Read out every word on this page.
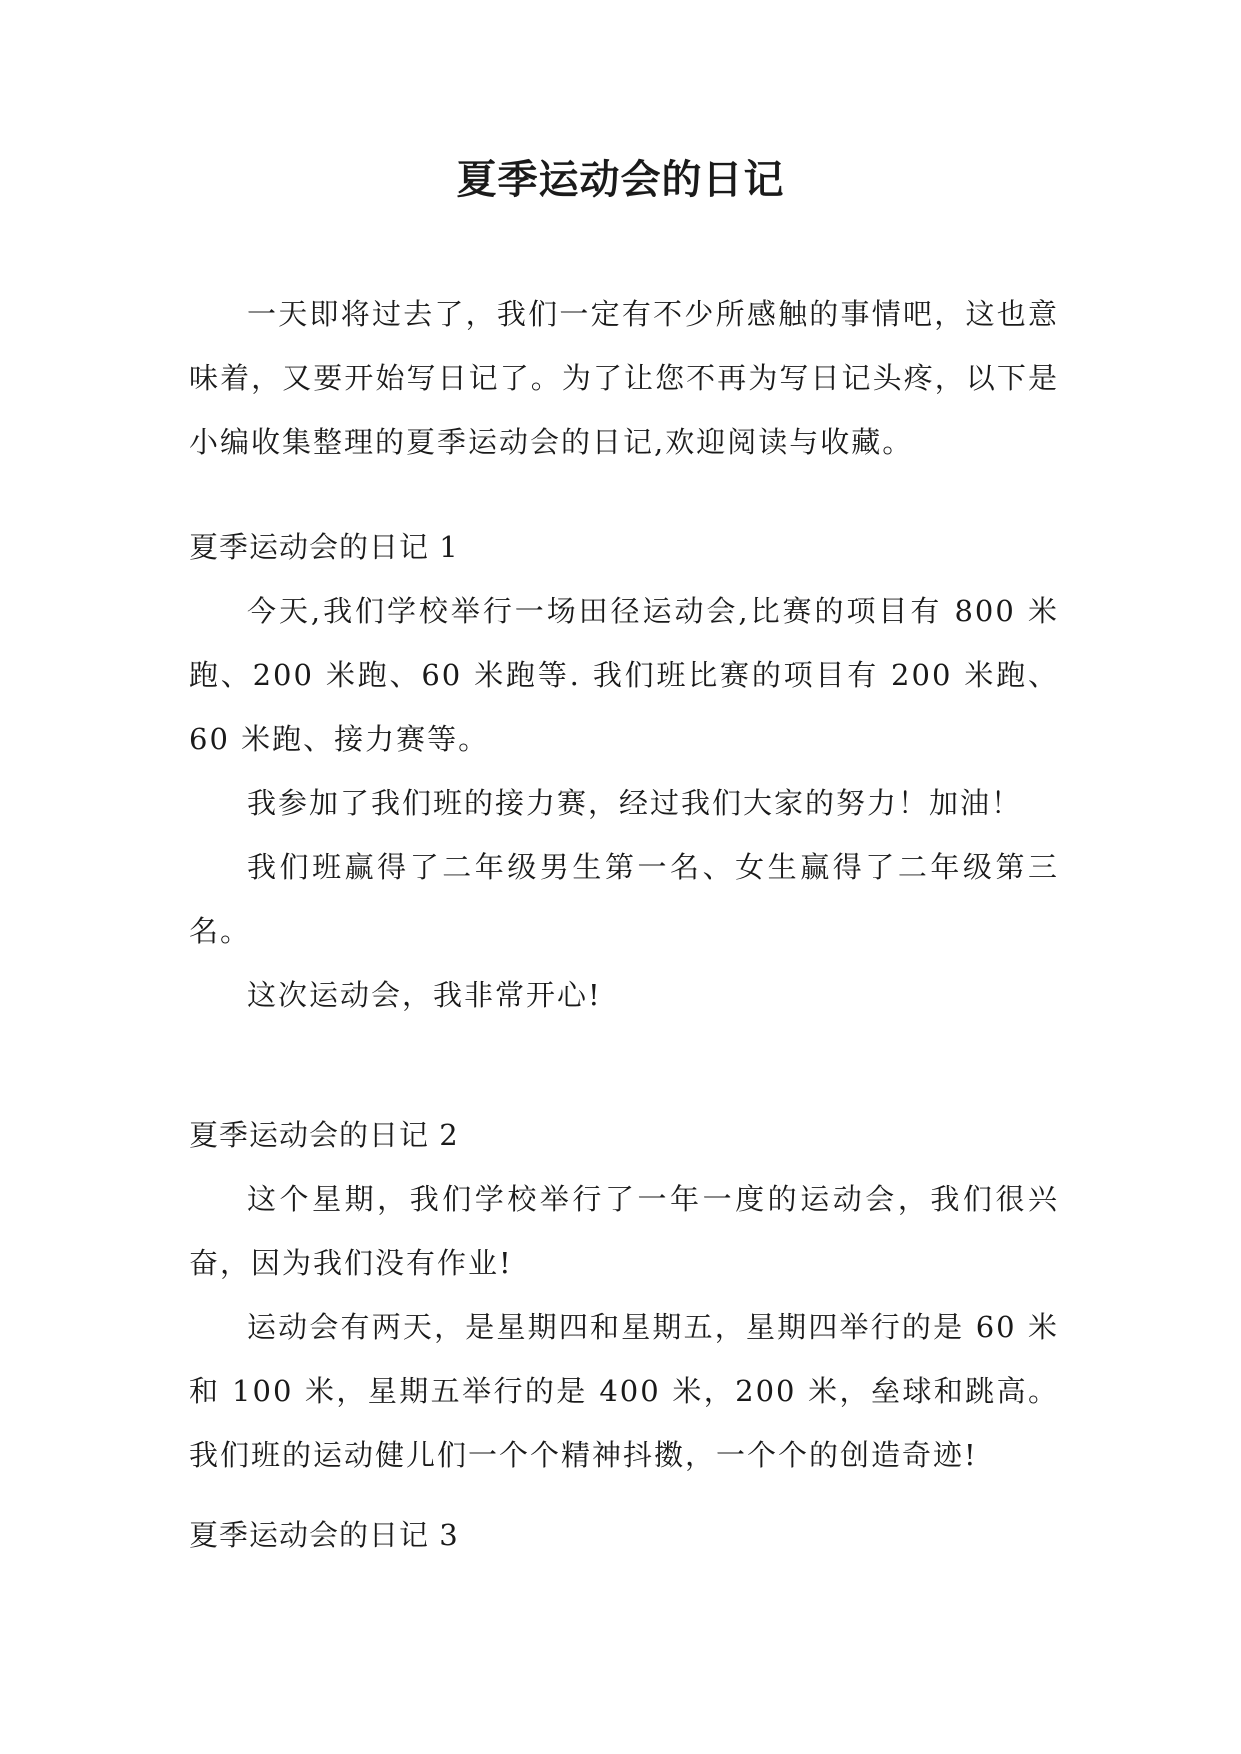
夏季运动会的日记

一天即将过去了，我们一定有不少所感触的事情吧，这也意味着，又要开始写日记了。为了让您不再为写日记头疼，以下是小编收集整理的夏季运动会的日记,欢迎阅读与收藏。

夏季运动会的日记 1

今天,我们学校举行一场田径运动会,比赛的项目有 800 米跑、200 米跑、60 米跑等. 我们班比赛的项目有 200 米跑、60 米跑、接力赛等。

我参加了我们班的接力赛，经过我们大家的努力！加油！

我们班赢得了二年级男生第一名、女生赢得了二年级第三名。

这次运动会，我非常开心!

夏季运动会的日记 2

这个星期，我们学校举行了一年一度的运动会，我们很兴奋，因为我们没有作业!

运动会有两天，是星期四和星期五，星期四举行的是 60 米和 100 米，星期五举行的是 400 米，200 米，垒球和跳高。我们班的运动健儿们一个个精神抖擞，一个个的创造奇迹!

夏季运动会的日记 3
